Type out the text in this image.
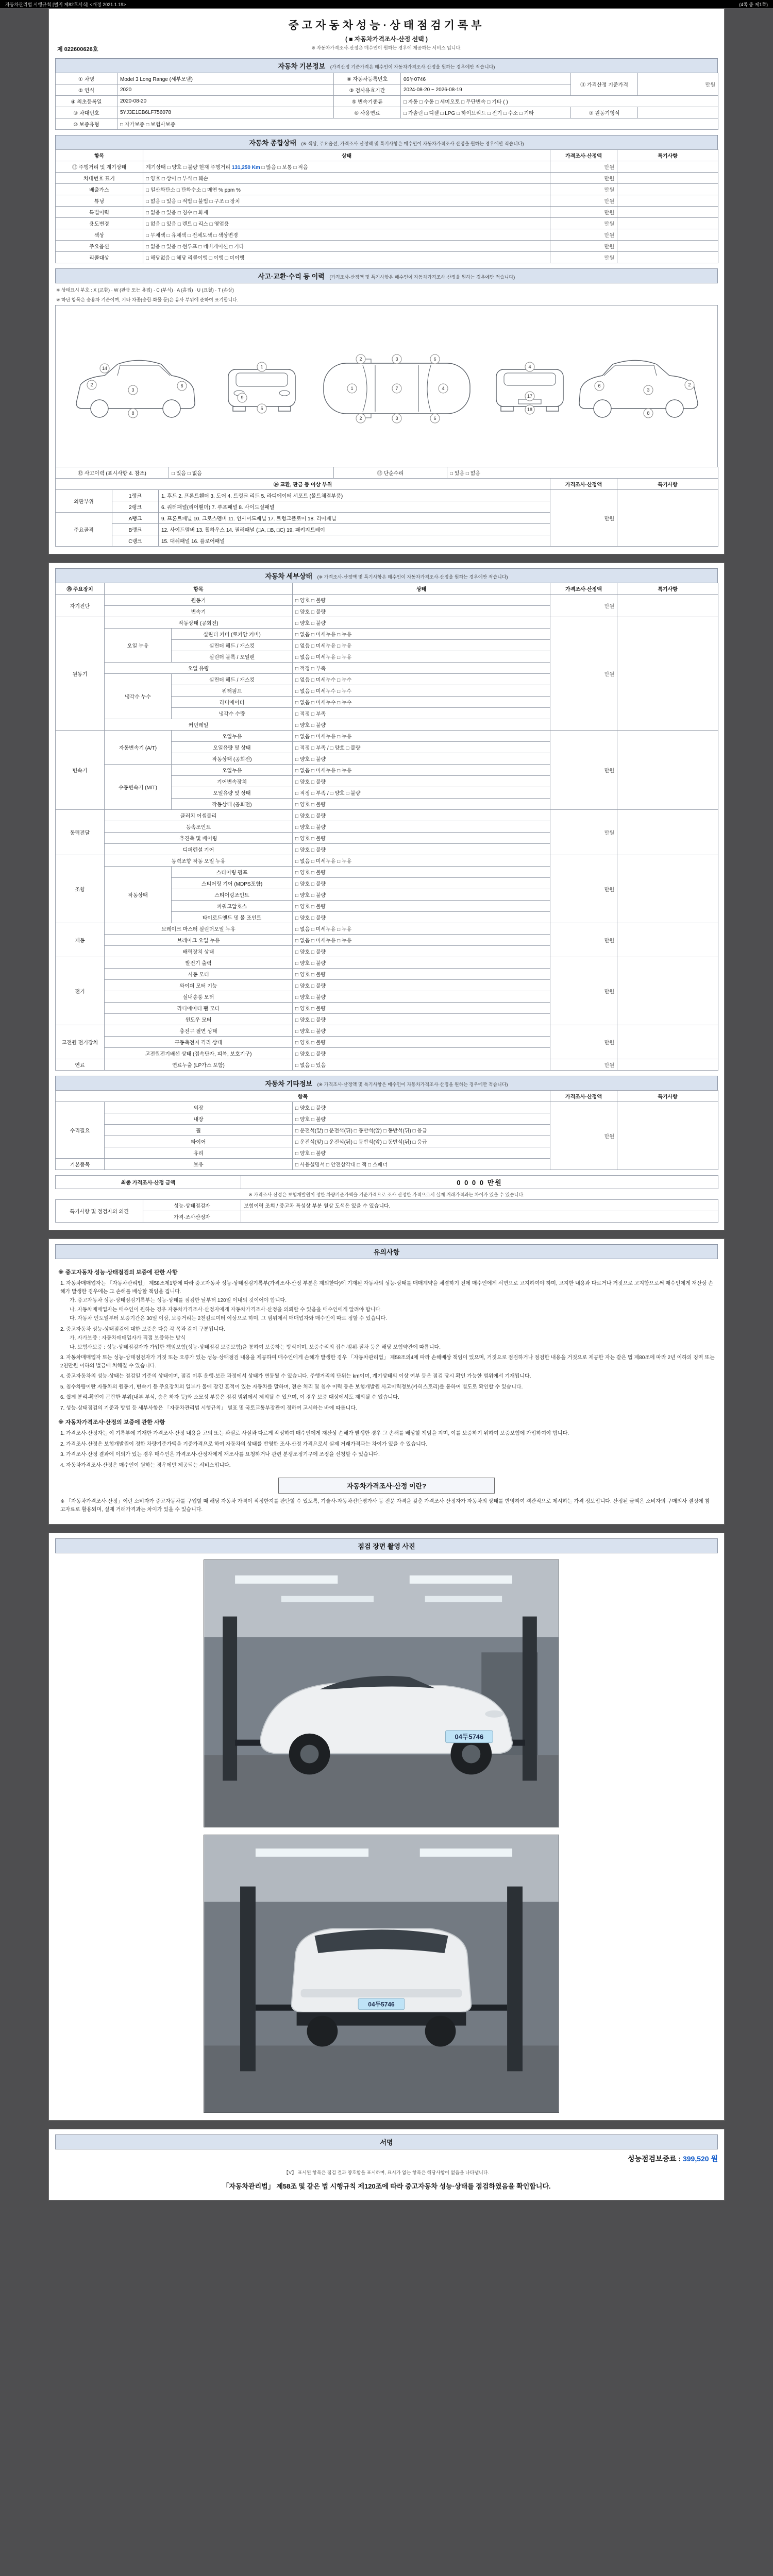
자동차관리법 시행규칙 [별지 제82호서식] <개정 2021.1.19>	(4쪽 중 제1쪽)
중고자동차성능·상태점검기록부
( ■ 자동차가격조사·산정 선택 )
※ 자동차가격조사·산정은 매수인이 원하는 경우에 제공하는 서비스 입니다.
제 022600626호
자동차 기본정보 (가격산정 기준가격은 매수인이 자동차가격조사·산정을 원하는 경우에만 적습니다)
① 차명	Model 3 Long Range (세부모델)	⑧ 자동차등록번호	06두0746	⑪ 가격산정 기준가격	만원
② 연식	2020	③ 검사유효기간	2024-08-20 ~ 2026-08-19		
④ 최초등록일	2020-08-20	⑤ 변속기종류	□ 자동 □ 수동 □ 세미오토 □ 무단변속 □ 기타 ( )		
⑨ 차대번호	5YJ3E1EB6LF756078	⑥ 사용연료	□ 가솔린 □ 디젤 □ LPG □ 하이브리드 □ 전기 □ 수소 □ 기타	⑦ 원동기형식	
⑩ 보증유형	□ 자가보증 □ 보험사보증				
자동차 종합상태 (※ 색상, 주요옵션, 가격조사·산정액 및 특기사항은 매수인이 자동차가격조사·산정을 원하는 경우에만 적습니다)
항목	상태	가격조사·산정액	특기사항
⑫ 주행거리 및 계기상태	계기상태 □ 양호 □ 불량 현재 주행거리 131,250 Km □ 많음 □ 보통 □ 적음	만원	
차대번호 표기	□ 양호 □ 상이 □ 부식 □ 훼손	만원	
배출가스	□ 일산화탄소 □ 탄화수소 □ 매연 % ppm %	만원	
튜닝	□ 없음 □ 있음 □ 적법 □ 불법 □ 구조 □ 장치	만원	
특별이력	□ 없음 □ 있음 □ 침수 □ 화재	만원	
용도변경	□ 없음 □ 있음 □ 렌트 □ 리스 □ 영업용	만원	
색상	□ 무채색 □ 유채색 □ 전체도색 □ 색상변경	만원	
주요옵션	□ 없음 □ 있음 □ 썬루프 □ 네비게이션 □ 기타	만원	
리콜대상	□ 해당없음 □ 해당 리콜이행 □ 이행 □ 미이행	만원	
사고·교환·수리 등 이력 (가격조사·산정액 및 특기사항은 매수인이 자동차가격조사·산정을 원하는 경우에만 적습니다)
※ 상태표시 부호 : X (교환) · W (판금 또는 용접) · C (부식) · A (흠집) · U (요철) · T (손상)
※ 하단 항목은 승용차 기준이며, 기타 차종(승합·화물 등)은 유사 부위에 준하여 표기합니다.
2
3
6
8
14	1
5
9
1	7	4
2	6
2	6
3
3
4
17
18
2
3
6
8
⑫ 사고이력 (표시사항 4. 참조)	□ 있음 □ 없음	⑬ 단순수리	□ 있음 □ 없음
⑭ 교환, 판금 등 이상 부위			가격조사·산정액	특기사항
외판부위	1랭크	1. 후드 2. 프론트휀더 3. 도어 4. 트렁크 리드 5. 라디에이터 서포트 (볼트체결부품)	만원	
	2랭크	6. 쿼터패널(리어휀더) 7. 루프패널 8. 사이드실패널		
주요골격	A랭크	9. 프론트패널 10. 크로스멤버 11. 인사이드패널 17. 트렁크플로어 18. 리어패널		
	B랭크	12. 사이드멤버 13. 휠하우스 14. 필러패널 (□A, □B, □C) 19. 패키지트레이		
	C랭크	15. 대쉬패널 16. 플로어패널		
자동차 세부상태 (※ 가격조사·산정액 및 특기사항은 매수인이 자동차가격조사·산정을 원하는 경우에만 적습니다)
⑮ 주요장치	항목		상태	가격조사·산정액	특기사항
자기진단	원동기		□ 양호 □ 불량	만원	
	변속기		□ 양호 □ 불량		
원동기	작동상태 (공회전)		□ 양호 □ 불량	만원	
	오일 누유	실린더 커버 (로커암 커버)	□ 없음 □ 미세누유 □ 누유		
		실린더 헤드 / 개스킷	□ 없음 □ 미세누유 □ 누유		
		실린더 블록 / 오일팬	□ 없음 □ 미세누유 □ 누유		
	오일 유량		□ 적정 □ 부족		
	냉각수 누수	실린더 헤드 / 개스킷	□ 없음 □ 미세누수 □ 누수		
		워터펌프	□ 없음 □ 미세누수 □ 누수		
		라디에이터	□ 없음 □ 미세누수 □ 누수		
		냉각수 수량	□ 적정 □ 부족		
	커먼레일		□ 양호 □ 불량		
변속기	자동변속기 (A/T)	오일누유	□ 없음 □ 미세누유 □ 누유	만원	
		오일유량 및 상태	□ 적정 □ 부족 / □ 양호 □ 불량		
		작동상태 (공회전)	□ 양호 □ 불량		
	수동변속기 (M/T)	오일누유	□ 없음 □ 미세누유 □ 누유		
		기어변속장치	□ 양호 □ 불량		
		오일유량 및 상태	□ 적정 □ 부족 / □ 양호 □ 불량		
		작동상태 (공회전)	□ 양호 □ 불량		
동력전달	클러치 어셈블리		□ 양호 □ 불량	만원	
	등속조인트		□ 양호 □ 불량		
	추진축 및 베어링		□ 양호 □ 불량		
	디퍼렌셜 기어		□ 양호 □ 불량		
조향	동력조향 작동 오일 누유		□ 없음 □ 미세누유 □ 누유	만원	
	작동상태	스티어링 펌프	□ 양호 □ 불량		
		스티어링 기어 (MDPS포함)	□ 양호 □ 불량		
		스티어링조인트	□ 양호 □ 불량		
		파워고압호스	□ 양호 □ 불량		
		타이로드엔드 및 볼 조인트	□ 양호 □ 불량		
제동	브레이크 마스터 실린더오일 누유		□ 없음 □ 미세누유 □ 누유	만원	
	브레이크 오일 누유		□ 없음 □ 미세누유 □ 누유		
	배력장치 상태		□ 양호 □ 불량		
전기	발전기 출력		□ 양호 □ 불량	만원	
	시동 모터		□ 양호 □ 불량		
	와이퍼 모터 기능		□ 양호 □ 불량		
	실내송풍 모터		□ 양호 □ 불량		
	라디에이터 팬 모터		□ 양호 □ 불량		
	윈도우 모터		□ 양호 □ 불량		
고전원 전기장치	충전구 절연 상태		□ 양호 □ 불량	만원	
	구동축전지 격리 상태		□ 양호 □ 불량		
	고전원전기배선 상태 (접속단자, 피복, 보호기구)		□ 양호 □ 불량		
연료	연료누출 (LP가스 포함)		□ 없음 □ 있음	만원	
자동차 기타정보 (※ 가격조사·산정액 및 특기사항은 매수인이 자동차가격조사·산정을 원하는 경우에만 적습니다)
항목			가격조사·산정액	특기사항
수리필요	외장	□ 양호 □ 불량	만원	
	내장	□ 양호 □ 불량		
	휠	□ 운전석(앞) □ 운전석(뒤) □ 동반석(앞) □ 동반석(뒤) □ 응급		
	타이어	□ 운전석(앞) □ 운전석(뒤) □ 동반석(앞) □ 동반석(뒤) □ 응급		
	유리	□ 양호 □ 불량		
기본품목	보유	□ 사용설명서 □ 안전삼각대 □ 잭 □ 스패너		
최종 가격조사·산정 금액	0 0 0 0 만원
※ 가격조사·산정은 보험개발원이 정한 차량기준가액을 기준가격으로 조사·산정한 가격으로서 실제 거래가격과는 차이가 있을 수 있습니다.
특기사항 및 점검자의 의견	성능·상태점검자	보험이력 조회 / 중고차 특성상 부분 원상 도색은 있을 수 있습니다.
	가격·조사산정자	
유의사항
※ 중고자동차 성능·상태점검의 보증에 관한 사항
1. 자동차매매업자는 「자동차관리법」 제58조제1항에 따라 중고자동차 성능·상태점검기록부(가격조사·산정 부분은 제외한다)에 기재된 자동차의 성능·상태를 매매계약을 체결하기 전에 매수인에게 서면으로 고지하여야 하며, 고지한 내용과 다르거나 거짓으로 고지함으로써 매수인에게 재산상 손해가 발생한 경우에는 그 손해를 배상할 책임을 집니다.
가. 중고자동차 성능·상태점검기록부는 성능·상태를 점검한 날부터 120일 이내의 것이어야 합니다.
나. 자동차매매업자는 매수인이 원하는 경우 자동차가격조사·산정자에게 자동차가격조사·산정을 의뢰할 수 있음을 매수인에게 알려야 합니다.
다. 자동차 인도일부터 보증기간은 30일 이상, 보증거리는 2천킬로미터 이상으로 하며, 그 범위에서 매매업자와 매수인이 따로 정할 수 있습니다.
2. 중고자동차 성능·상태점검에 대한 보증은 다음 각 목과 같이 구분됩니다.
가. 자가보증 : 자동차매매업자가 직접 보증하는 방식
나. 보험사보증 : 성능·상태점검자가 가입한 책임보험(성능·상태점검 보증보험)을 통하여 보증하는 방식이며, 보증수리의 접수·범위·절차 등은 해당 보험약관에 따릅니다.
3. 자동차매매업자 또는 성능·상태점검자가 거짓 또는 오류가 있는 성능·상태점검 내용을 제공하여 매수인에게 손해가 발생한 경우 「자동차관리법」 제58조의4에 따라 손해배상 책임이 있으며, 거짓으로 점검하거나 점검한 내용을 거짓으로 제공한 자는 같은 법 제80조에 따라 2년 이하의 징역 또는 2천만원 이하의 벌금에 처해질 수 있습니다.
4. 중고자동차의 성능·상태는 점검일 기준의 상태이며, 점검 이후 운행·보관 과정에서 상태가 변동될 수 있습니다. 주행거리의 단위는 km이며, 계기상태의 이상 여부 등은 점검 당시 확인 가능한 범위에서 기재됩니다.
5. 침수차량이란 자동차의 원동기, 변속기 등 주요장치의 일부가 물에 잠긴 흔적이 있는 자동차를 말하며, 전손 처리 및 침수 이력 등은 보험개발원 사고이력정보(카히스토리)를 통하여 별도로 확인할 수 있습니다.
6. 쉽게 분리·확인이 곤란한 부위(내부 부식, 숨은 하자 등)와 소모성 부품은 점검 범위에서 제외될 수 있으며, 이 경우 보증 대상에서도 제외될 수 있습니다.
7. 성능·상태점검의 기준과 방법 등 세부사항은 「자동차관리법 시행규칙」 별표 및 국토교통부장관이 정하여 고시하는 바에 따릅니다.
※ 자동차가격조사·산정의 보증에 관한 사항
1. 가격조사·산정자는 이 기록부에 기재한 가격조사·산정 내용을 고의 또는 과실로 사실과 다르게 작성하여 매수인에게 재산상 손해가 발생한 경우 그 손해를 배상할 책임을 지며, 이를 보증하기 위하여 보증보험에 가입하여야 합니다.
2. 가격조사·산정은 보험개발원이 정한 차량기준가액을 기준가격으로 하여 자동차의 상태를 반영한 조사·산정 가격으로서 실제 거래가격과는 차이가 있을 수 있습니다.
3. 가격조사·산정 결과에 이의가 있는 경우 매수인은 가격조사·산정자에게 재조사를 요청하거나 관련 분쟁조정기구에 조정을 신청할 수 있습니다.
4. 자동차가격조사·산정은 매수인이 원하는 경우에만 제공되는 서비스입니다.
자동차가격조사·산정 이란?
※ 「자동차가격조사·산정」이란 소비자가 중고자동차를 구입할 때 해당 자동차 가격이 적정한지를 판단할 수 있도록, 기술사·자동차진단평가사 등 전문 자격을 갖춘 가격조사·산정자가 자동차의 상태를 반영하여 객관적으로 제시하는 가격 정보입니다. 산정된 금액은 소비자의 구매의사 결정에 참고자료로 활용되며, 실제 거래가격과는 차이가 있을 수 있습니다.
점검 장면 촬영 사진
04두5746
04두5746
서명
성능점검보증료 : 399,520 원
【V】 표시된 항목은 점검 결과 양호함을 표시하며, 표시가 없는 항목은 해당사항이 없음을 나타냅니다.
「자동차관리법」 제58조 및 같은 법 시행규칙 제120조에 따라 중고자동차 성능·상태를 점검하였음을 확인합니다.
